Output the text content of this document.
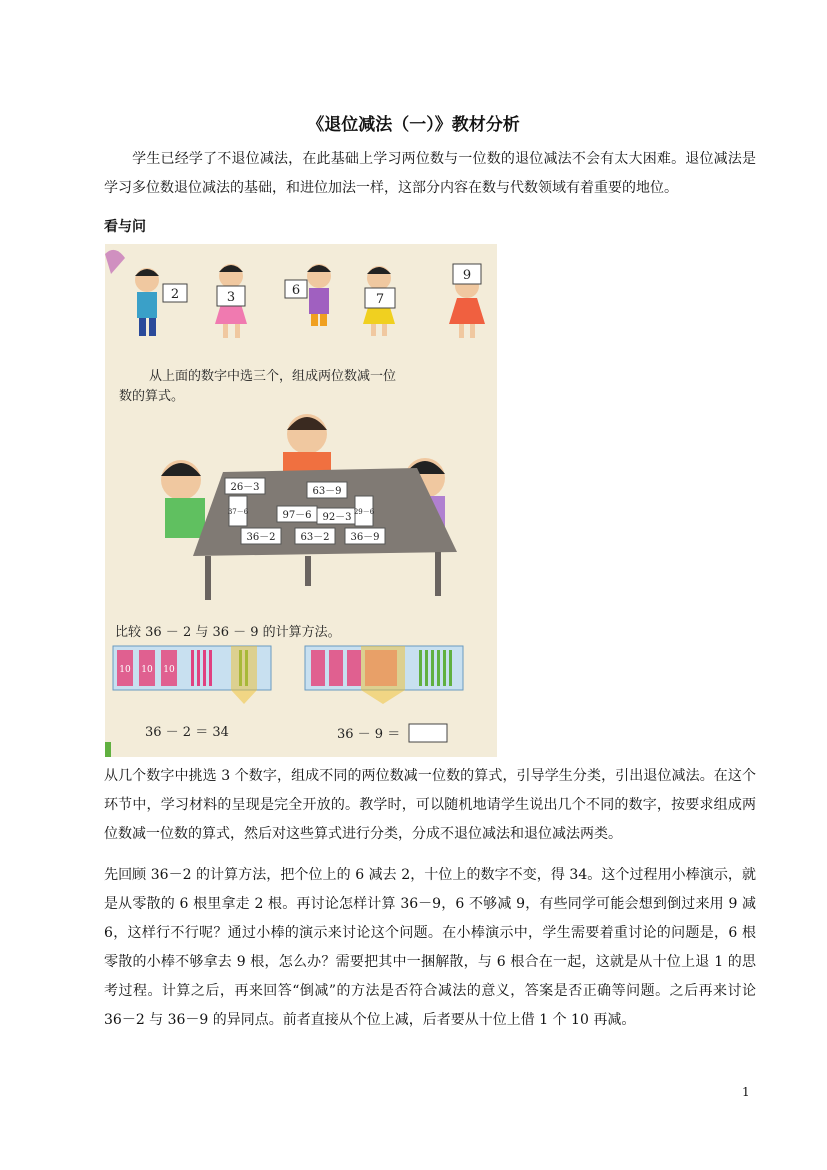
《退位减法（一）》教材分析

学生已经学了不退位减法，在此基础上学习两位数与一位数的退位减法不会有太大困难。退位减法是学习多位数退位减法的基础，和进位加法一样，这部分内容在数与代数领域有着重要的地位。

看与问
2	3	6
7
9
从上面的数字中选三个，组成两位数减一位
数的算式。
26－3	63－9
97－6 92－3
36－2 63－2 36－9
29－6
37－6
比较 36 － 2 与 36 － 9 的计算方法。
10 10 10
36 － 2 ＝ 34	36 － 9 ＝

从几个数字中挑选 3 个数字，组成不同的两位数减一位数的算式，引导学生分类，引出退位减法。在这个环节中，学习材料的呈现是完全开放的。教学时，可以随机地请学生说出几个不同的数字，按要求组成两位数减一位数的算式，然后对这些算式进行分类，分成不退位减法和退位减法两类。

先回顾 36－2 的计算方法，把个位上的 6 减去 2，十位上的数字不变，得 34。这个过程用小棒演示，就是从零散的 6 根里拿走 2 根。再讨论怎样计算 36－9，6 不够减 9，有些同学可能会想到倒过来用 9 减 6，这样行不行呢？通过小棒的演示来讨论这个问题。在小棒演示中，学生需要着重讨论的问题是，6 根零散的小棒不够拿去 9 根，怎么办？需要把其中一捆解散，与 6 根合在一起，这就是从十位上退 1 的思考过程。计算之后，再来回答“倒减”的方法是否符合减法的意义，答案是否正确等问题。之后再来讨论 36－2 与 36－9 的异同点。前者直接从个位上减，后者要从十位上借 1 个 10 再减。

1
